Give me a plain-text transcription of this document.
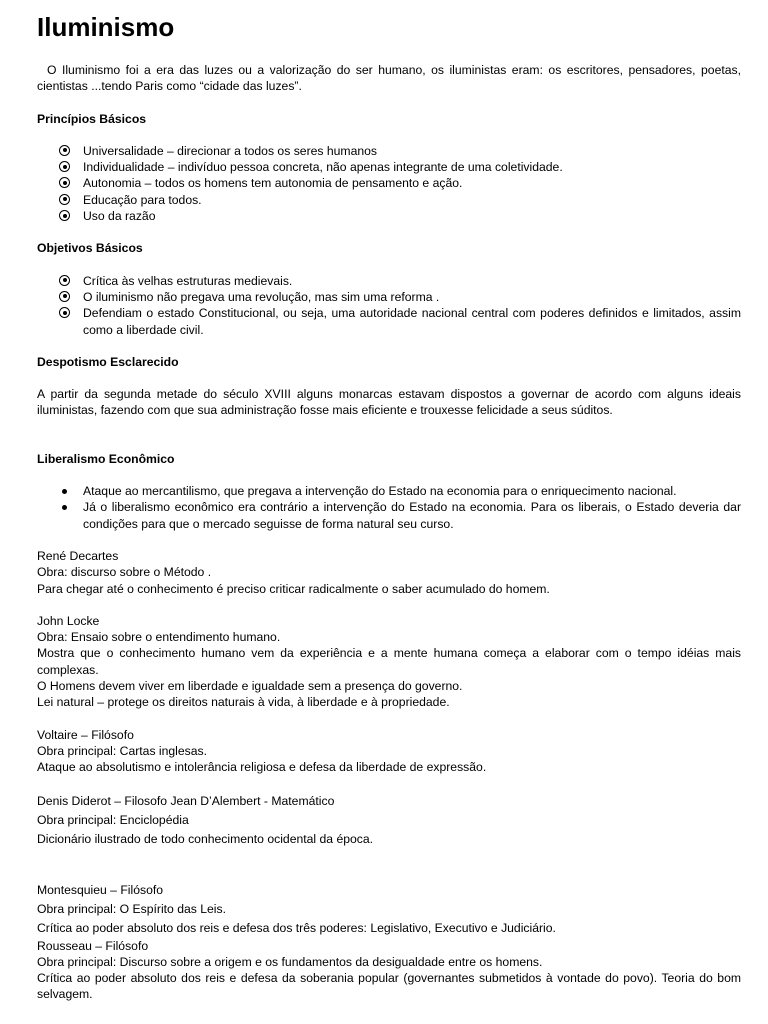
Iluminismo

O Iluminismo foi a era das luzes ou a valorização do ser humano, os iluministas eram: os escritores, pensadores, poetas, cientistas ...tendo Paris como “cidade das luzes”.

Princípios Básicos

Universalidade – direcionar a todos os seres humanos
Individualidade – indivíduo pessoa concreta, não apenas integrante de uma coletividade.
Autonomia – todos os homens tem autonomia de pensamento e ação.
Educação para todos.
Uso da razão

Objetivos Básicos

Crítica às velhas estruturas medievais.
O iluminismo não pregava uma revolução, mas sim uma reforma .
Defendiam o estado Constitucional, ou seja, uma autoridade nacional central com poderes definidos e limitados, assim como a liberdade civil.

Despotismo Esclarecido

A partir da segunda metade do século XVIII alguns monarcas estavam dispostos a governar de acordo com alguns ideais iluministas, fazendo com que sua administração fosse mais eficiente e trouxesse felicidade a seus súditos.

Liberalismo Econômico

Ataque ao mercantilismo, que pregava a intervenção do Estado na economia para o enriquecimento nacional.
Já o liberalismo econômico era contrário a intervenção do Estado na economia. Para os liberais, o Estado deveria dar condições para que o mercado seguisse de forma natural seu curso.

René Decartes

Obra: discurso sobre o Método .

Para chegar até o conhecimento é preciso criticar radicalmente o saber acumulado do homem.

John Locke

Obra: Ensaio sobre o entendimento humano.

Mostra que o conhecimento humano vem da experiência e a mente humana começa a elaborar com o tempo idéias mais complexas.

O Homens devem viver em liberdade e igualdade sem a presença do governo.

Lei natural – protege os direitos naturais à vida, à liberdade e à propriedade.

Voltaire – Filósofo

Obra principal: Cartas inglesas.

Ataque ao absolutismo e intolerância religiosa e defesa da liberdade de expressão.

Denis Diderot – Filosofo Jean D’Alembert - Matemático

Obra principal: Enciclopédia

Dicionário ilustrado de todo conhecimento ocidental da época.

Montesquieu – Filósofo

Obra principal: O Espírito das Leis.

Crítica ao poder absoluto dos reis e defesa dos três poderes: Legislativo, Executivo e Judiciário.

Rousseau – Filósofo

Obra principal: Discurso sobre a origem e os fundamentos da desigualdade entre os homens.

Crítica ao poder absoluto dos reis e defesa da soberania popular (governantes submetidos à vontade do povo). Teoria do bom selvagem.
